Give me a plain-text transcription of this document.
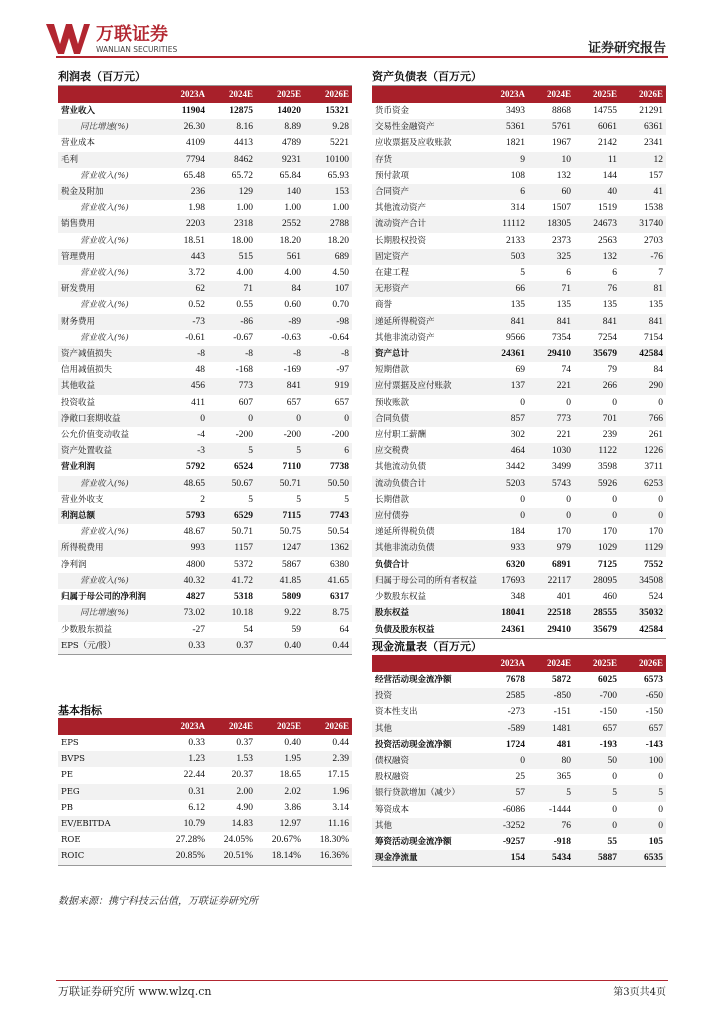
万联证券
WANLIAN SECURITIES	证券研究报告
利润表（百万元）
	2023A	2024E	2025E	2026E
营业收入	11904	12875	14020	15321
同比增速(%)	26.30	8.16	8.89	9.28
营业成本	4109	4413	4789	5221
毛利	7794	8462	9231	10100
营业收入(%)	65.48	65.72	65.84	65.93
税金及附加	236	129	140	153
营业收入(%)	1.98	1.00	1.00	1.00
销售费用	2203	2318	2552	2788
营业收入(%)	18.51	18.00	18.20	18.20
管理费用	443	515	561	689
营业收入(%)	3.72	4.00	4.00	4.50
研发费用	62	71	84	107
营业收入(%)	0.52	0.55	0.60	0.70
财务费用	-73	-86	-89	-98
营业收入(%)	-0.61	-0.67	-0.63	-0.64
资产减值损失	-8	-8	-8	-8
信用减值损失	48	-168	-169	-97
其他收益	456	773	841	919
投资收益	411	607	657	657
净敞口套期收益	0	0	0	0
公允价值变动收益	-4	-200	-200	-200
资产处置收益	-3	5	5	6
营业利润	5792	6524	7110	7738
营业收入(%)	48.65	50.67	50.71	50.50
营业外收支	2	5	5	5
利润总额	5793	6529	7115	7743
营业收入(%)	48.67	50.71	50.75	50.54
所得税费用	993	1157	1247	1362
净利润	4800	5372	5867	6380
营业收入(%)	40.32	41.72	41.85	41.65
归属于母公司的净利润	4827	5318	5809	6317
同比增速(%)	73.02	10.18	9.22	8.75
少数股东损益	-27	54	59	64
EPS（元/股）	0.33	0.37	0.40	0.44
资产负债表（百万元）
	2023A	2024E	2025E	2026E
货币资金	3493	8868	14755	21291
交易性金融资产	5361	5761	6061	6361
应收票据及应收账款	1821	1967	2142	2341
存货	9	10	11	12
预付款项	108	132	144	157
合同资产	6	60	40	41
其他流动资产	314	1507	1519	1538
流动资产合计	11112	18305	24673	31740
长期股权投资	2133	2373	2563	2703
固定资产	503	325	132	-76
在建工程	5	6	6	7
无形资产	66	71	76	81
商誉	135	135	135	135
递延所得税资产	841	841	841	841
其他非流动资产	9566	7354	7254	7154
资产总计	24361	29410	35679	42584
短期借款	69	74	79	84
应付票据及应付账款	137	221	266	290
预收账款	0	0	0	0
合同负债	857	773	701	766
应付职工薪酬	302	221	239	261
应交税费	464	1030	1122	1226
其他流动负债	3442	3499	3598	3711
流动负债合计	5203	5743	5926	6253
长期借款	0	0	0	0
应付债券	0	0	0	0
递延所得税负债	184	170	170	170
其他非流动负债	933	979	1029	1129
负债合计	6320	6891	7125	7552
归属于母公司的所有者权益	17693	22117	28095	34508
少数股东权益	348	401	460	524
股东权益	18041	22518	28555	35032
负债及股东权益	24361	29410	35679	42584
现金流量表（百万元）
	2023A	2024E	2025E	2026E
经营活动现金流净额	7678	5872	6025	6573
投资	2585	-850	-700	-650
资本性支出	-273	-151	-150	-150
其他	-589	1481	657	657
投资活动现金流净额	1724	481	-193	-143
债权融资	0	80	50	100
股权融资	25	365	0	0
银行贷款增加（减少）	57	5	5	5
筹资成本	-6086	-1444	0	0
其他	-3252	76	0	0
筹资活动现金流净额	-9257	-918	55	105
现金净流量	154	5434	5887	6535
基本指标
	2023A	2024E	2025E	2026E
EPS	0.33	0.37	0.40	0.44
BVPS	1.23	1.53	1.95	2.39
PE	22.44	20.37	18.65	17.15
PEG	0.31	2.00	2.02	1.96
PB	6.12	4.90	3.86	3.14
EV/EBITDA	10.79	14.83	12.97	11.16
ROE	27.28%	24.05%	20.67%	18.30%
ROIC	20.85%	20.51%	18.14%	16.36%
数据来源：携宁科技云估值，万联证券研究所
万联证券研究所 www.wlzq.cn	第3页共4页
